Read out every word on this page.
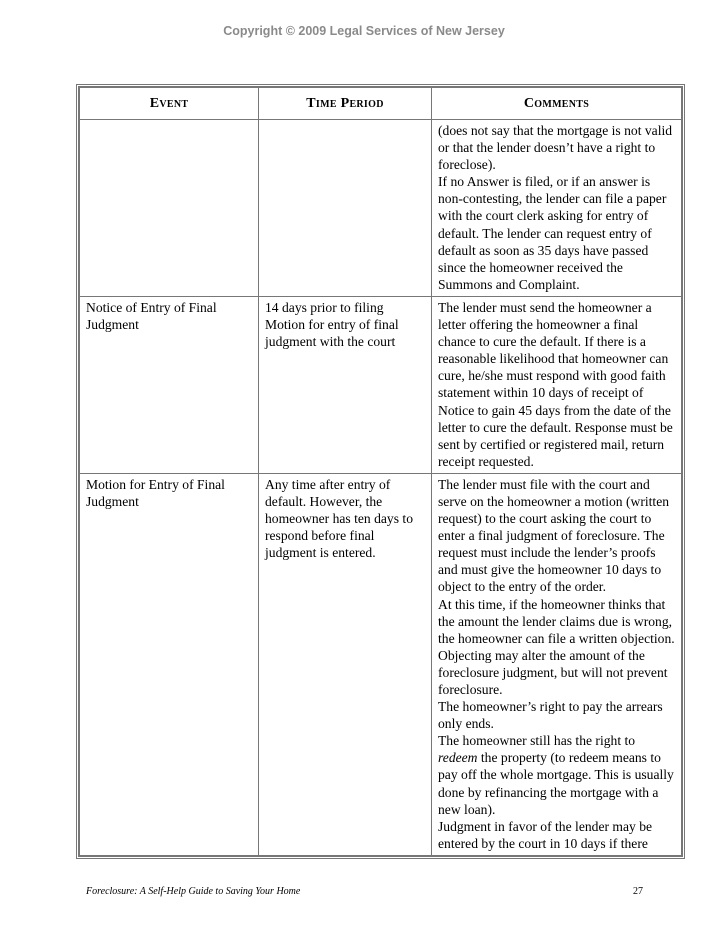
Copyright © 2009 Legal Services of New Jersey
Event	Time Period	Comments

		(does not say that the mortgage is not valid or that the lender doesn’t have a right to foreclose).

If no Answer is filed, or if an answer is non-contesting, the lender can file a paper with the court clerk asking for entry of default. The lender can request entry of default as soon as 35 days have passed since the homeowner received the Summons and Complaint.

Notice of Entry of Final Judgment	14 days prior to filing Motion for entry of final judgment with the court	The lender must send the homeowner a letter offering the homeowner a final chance to cure the default. If there is a reasonable likelihood that homeowner can cure, he/she must respond with good faith statement within 10 days of receipt of Notice to gain 45 days from the date of the letter to cure the default. Response must be sent by certified or registered mail, return receipt requested.

Motion for Entry of Final Judgment	Any time after entry of default. However, the homeowner has ten days to respond before final judgment is entered.	The lender must file with the court and serve on the homeowner a motion (written request) to the court asking the court to enter a final judgment of foreclosure. The request must include the lender’s proofs and must give the homeowner 10 days to object to the entry of the order.

At this time, if the homeowner thinks that the amount the lender claims due is wrong, the homeowner can file a written objection. Objecting may alter the amount of the foreclosure judgment, but will not prevent foreclosure.

The homeowner’s right to pay the arrears only ends.

The homeowner still has the right to redeem the property (to redeem means to pay off the whole mortgage. This is usually done by refinancing the mortgage with a new loan).

Judgment in favor of the lender may be entered by the court in 10 days if there

Foreclosure: A Self-Help Guide to Saving Your Home	27
